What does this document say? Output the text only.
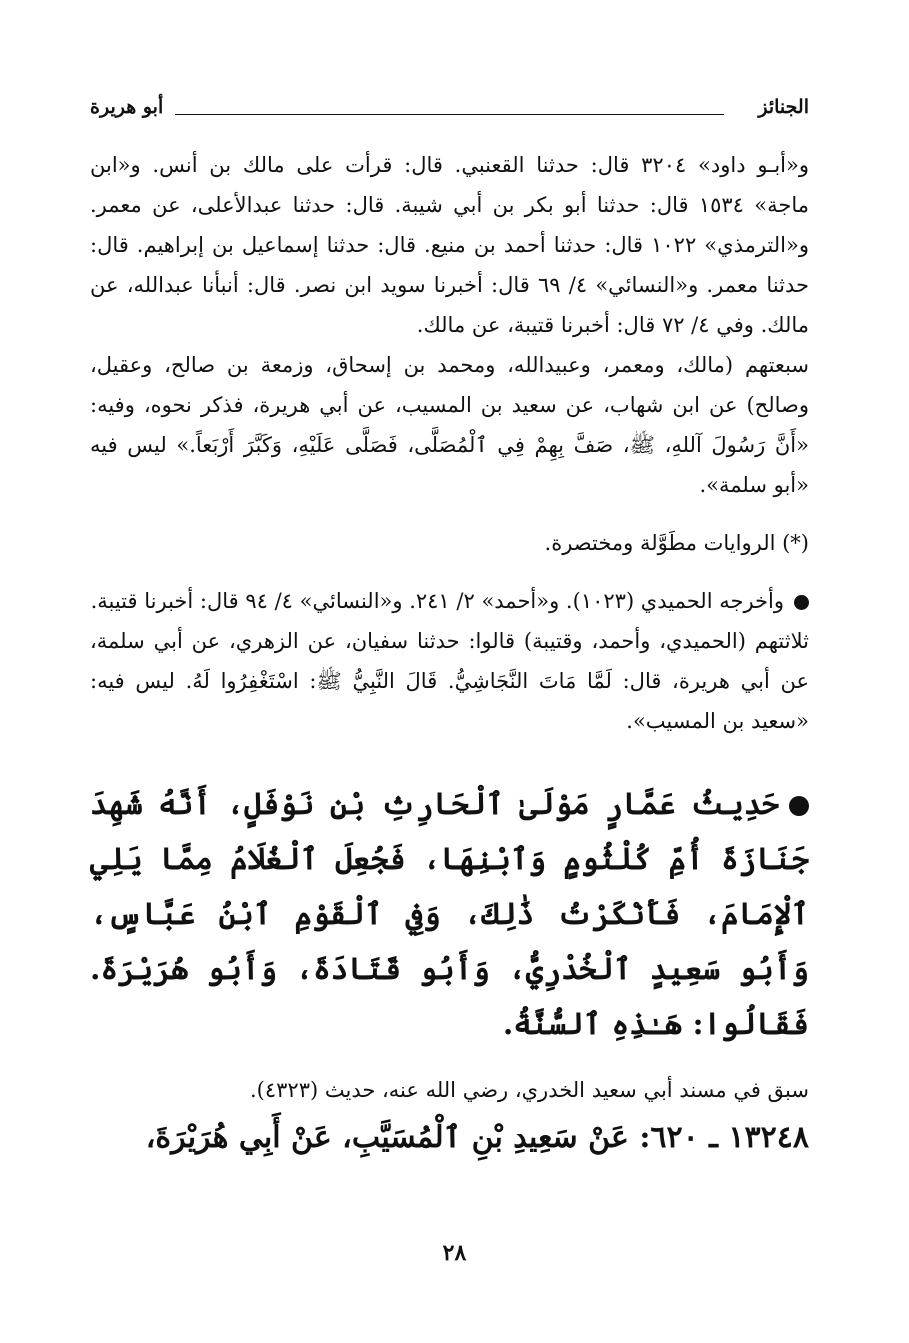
الجنائز
أبو هريرة

و«أبـو داود» ٣٢٠٤ قال: حدثنا القعنبي. قال: قرأت على مالك بن أنس. و«ابن ماجة» ١٥٣٤ قال: حدثنا أبو بكر بن أبي شيبة. قال: حدثنا عبدالأعلى، عن معمر. و«الترمذي» ١٠٢٢ قال: حدثنا أحمد بن منيع. قال: حدثنا إسماعيل بن إبراهيم. قال: حدثنا معمر. و«النسائي» ٤/ ٦٩ قال: أخبرنا سويد ابن نصر. قال: أنبأنا عبدالله، عن مالك. وفي ٤/ ٧٢ قال: أخبرنا قتيبة، عن مالك.

سبعتهم (مالك، ومعمر، وعبيدالله، ومحمد بن إسحاق، وزمعة بن صالح، وعقيل، وصالح) عن ابن شهاب، عن سعيد بن المسيب، عن أبي هريرة، فذكر نحوه، وفيه: «أَنَّ رَسُولَ آللهِ، ﷺ، صَفَّ بِهِمْ فِي ٱلْمُصَلَّى، فَصَلَّى عَلَيْهِ، وَكَبَّرَ أَرْبَعاً.» ليس فيه «أبو سلمة».

(*) الروايات مطَوَّلة ومختصرة.

وأخرجه الحميدي (١٠٢٣). و«أحمد» ٢/ ٢٤١. و«النسائي» ٤/ ٩٤ قال: أخبرنا قتيبة.

ثلاثتهم (الحميدي، وأحمد، وقتيبة) قالوا: حدثنا سفيان، عن الزهري، عن أبي سلمة، عن أبي هريرة، قال: لَمَّا مَاتَ النَّجَاشِيُّ. قَالَ النَّبِيُّ ﷺ: اسْتَغْفِرُوا لَهُ. ليس فيه: «سعيد بن المسيب».

حَدِيثُ عَمَّارٍ مَوْلَىٰ ٱلْحَارِثِ بْنِ نَوْفَلٍ، أَنَّهُ شَهِدَ جَنَازَةَ أُمِّ كُلْثُومٍ وَٱبْنِهَا، فَجُعِلَ ٱلْغُلَامُ مِمَّا يَلِي ٱلْإِمَامَ، فَأَنْكَرْتُ ذَٰلِكَ، وَفِي ٱلْقَوْمِ ٱبْنُ عَبَّاسٍ، وَأَبُو سَعِيدٍ ٱلْخُدْرِيُّ، وَأَبُو قَتَادَةَ، وَأَبُو هُرَيْرَةَ. فَقَالُوا: هَـٰذِهِ ٱلسُّنَّةُ.

سبق في مسند أبي سعيد الخدري، رضي الله عنه، حديث (٤٣٢٣).

١٣٢٤٨ ـ ٦٢٠: عَنْ سَعِيدِ بْنِ ٱلْمُسَيَّبِ، عَنْ أَبِي هُرَيْرَةَ،

٢٨
